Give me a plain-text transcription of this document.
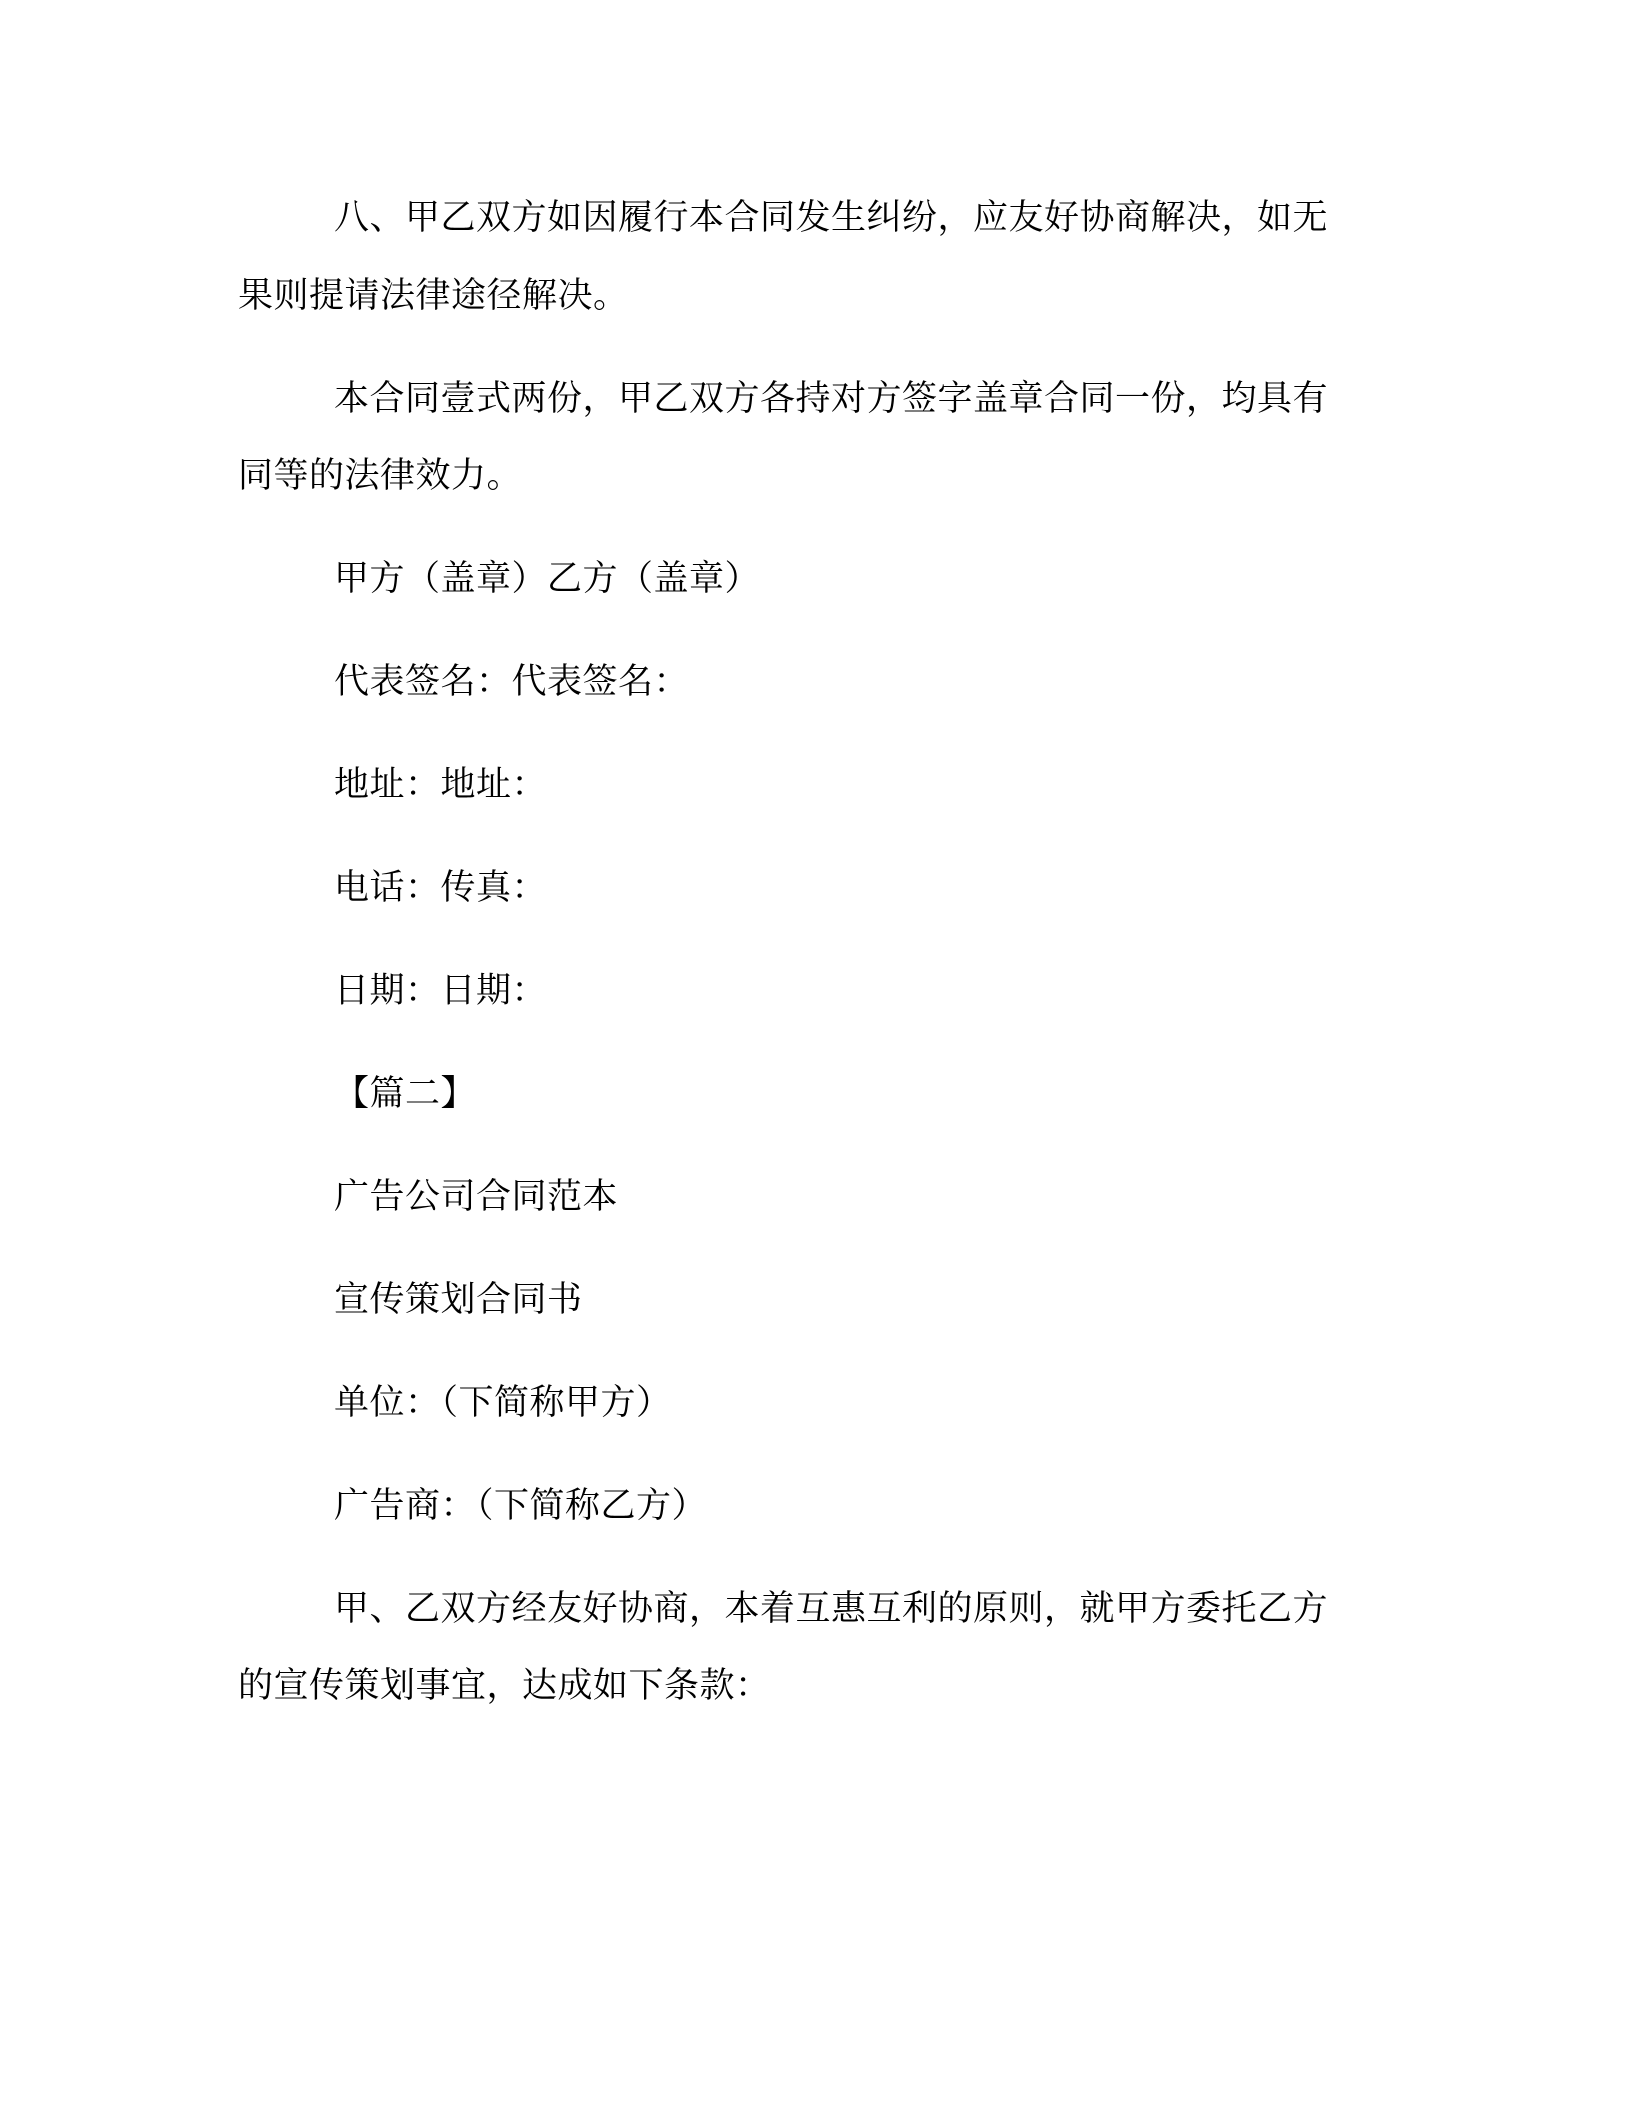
八、甲乙双方如因履行本合同发生纠纷，应友好协商解决，如无
果则提请法律途径解决。
本合同壹式两份，甲乙双方各持对方签字盖章合同一份，均具有
同等的法律效力。
甲方（盖章）乙方（盖章）
代表签名：代表签名：
地址：地址：
电话：传真：
日期：日期：
【篇二】
广告公司合同范本
宣传策划合同书
单位：（下简称甲方）
广告商：（下简称乙方）
甲、乙双方经友好协商，本着互惠互利的原则，就甲方委托乙方
的宣传策划事宜，达成如下条款：
